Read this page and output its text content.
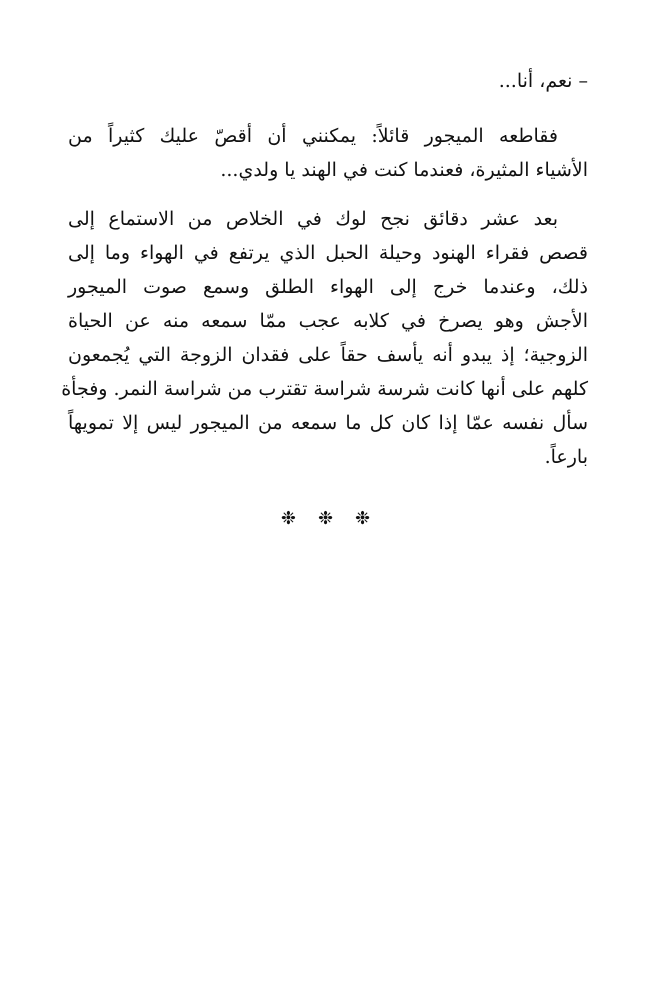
– نعم، أنا...
فقاطعه الميجور قائلاً: يمكنني أن أقصّ عليك كثيراً من
الأشياء المثيرة، فعندما كنت في الهند يا ولدي...
بعد عشر دقائق نجح لوك في الخلاص من الاستماع إلى
قصص فقراء الهنود وحيلة الحبل الذي يرتفع في الهواء وما إلى
ذلك، وعندما خرج إلى الهواء الطلق وسمع صوت الميجور
الأجش وهو يصرخ في كلابه عجب ممّا سمعه منه عن الحياة
الزوجية؛ إذ يبدو أنه يأسف حقاً على فقدان الزوجة التي يُجمعون
كلهم على أنها كانت شرسة شراسة تقترب من شراسة النمر. وفجأة
سأل نفسه عمّا إذا كان كل ما سمعه من الميجور ليس إلا تمويهاً
بارعاً.
❉❉❉
